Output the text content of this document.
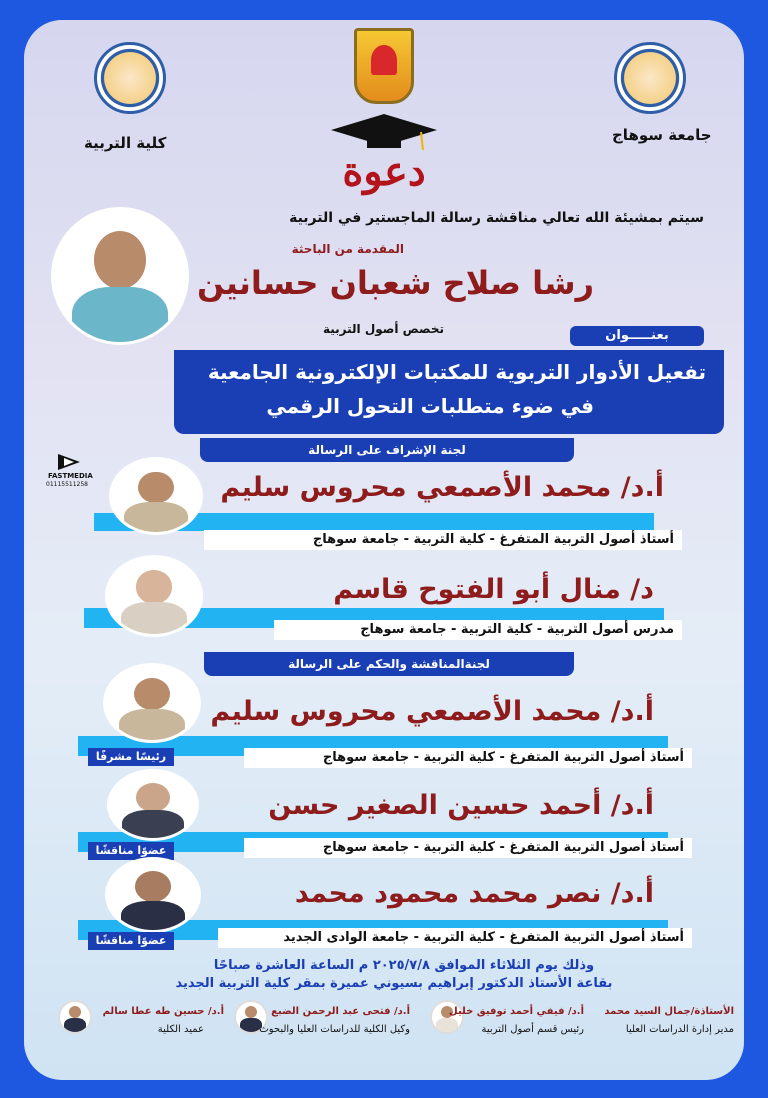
كلية التربية	جامعة سوهاج
دعوة
سيتم بمشيئة الله تعالي مناقشة رسالة الماجستير في التربية
المقدمة من الباحثة
رشا صلاح شعبان حسانين
تخصص أصول التربية	بعنـــــوان
تفعيل الأدوار التربوية للمكتبات الإلكترونية الجامعية
في ضوء متطلبات التحول الرقمي
لجنة الإشراف على الرسالة
FASTMEDIA
01115511258	أ.د/ محمد الأصمعي محروس سليم
أستاذ أصول التربية المتفرغ - كلية التربية - جامعة سوهاج
د/ منال أبو الفتوح قاسم
مدرس أصول التربية - كلية التربية - جامعة سوهاج
لجنةالمناقشة والحكم على الرسالة
أ.د/ محمد الأصمعي محروس سليم
أستاذ أصول التربية المتفرغ - كلية التربية - جامعة سوهاج
رئيسًا مشرفًا
أ.د/ أحمد حسين الصغير حسن
أستاذ أصول التربية المتفرغ - كلية التربية - جامعة سوهاج
عضوًا مناقشًا
أ.د/ نصر محمد محمود محمد
أستاذ أصول التربية المتفرغ - كلية التربية - جامعة الوادى الجديد
عضوًا مناقشًا
وذلك يوم الثلاثاء الموافق ٢٠٢٥/٧/٨ م الساعة العاشرة صباحًا
بقاعة الأستاذ الدكتور إبراهيم بسيوني عميرة بمقر كلية التربية الجديد
الأستاذة/جمال السيد محمد
مدير إدارة الدراسات العليا
أ.د/ فيفي أحمد توفيق خليل
رئيس قسم أصول التربية
أ.د/ فتحى عبد الرحمن الضبع
وكيل الكلية للدراسات العليا والبحوث
أ.د/ حسين طه عطا سالم
عميد الكلية
